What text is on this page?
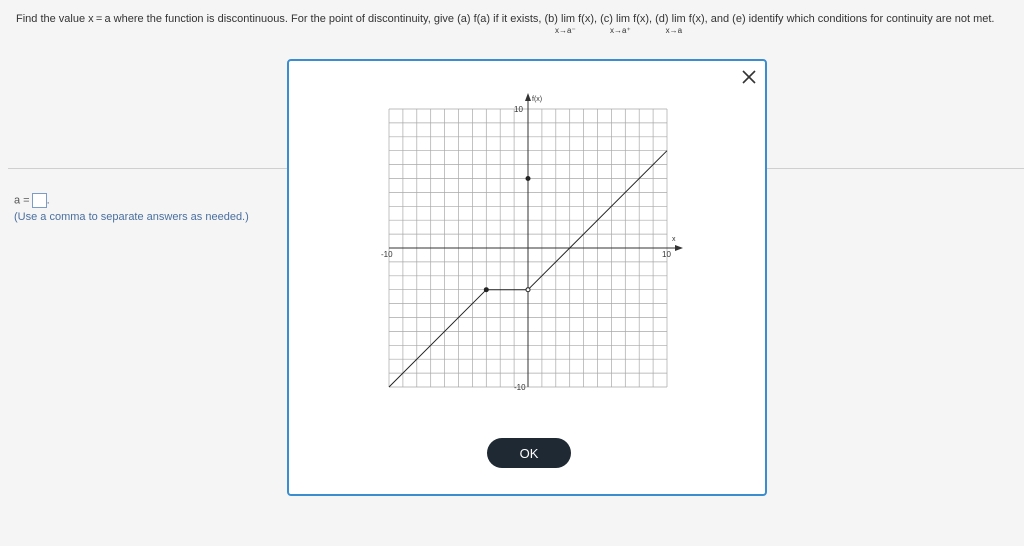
Find the value x = a where the function is discontinuous. For the point of discontinuity, give (a) f(a) if it exists, (b) lim
x→a⁻
f(x), (c) lim
x→a⁺
f(x), (d) lim
x→a
f(x), and (e) identify which conditions for continuity are not met.
a = .
(Use a comma to separate answers as needed.)
x
f(x)
-10	10
10
-10
OK
